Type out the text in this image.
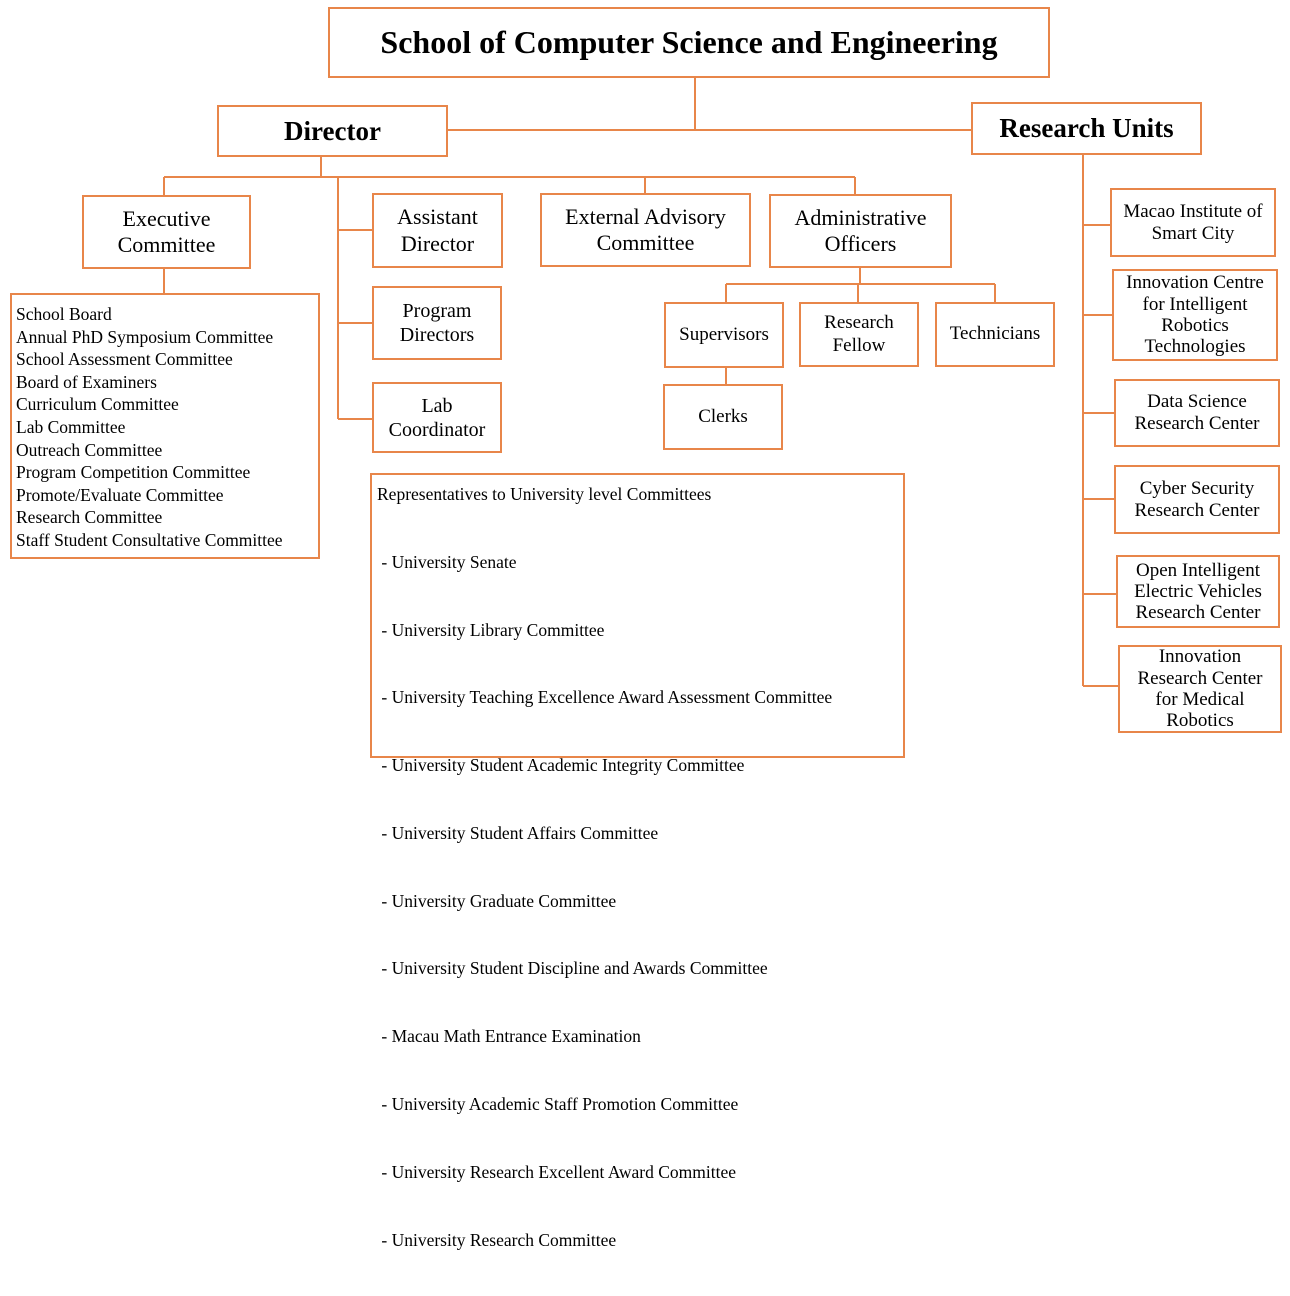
School of Computer Science and Engineering
Director	Research Units
Executive Committee
Assistant Director
Program Directors
Lab Coordinator
External Advisory Committee
Administrative Officers
Supervisors
Research Fellow
Technicians
Clerks
School Board
Annual PhD Symposium Committee
School Assessment Committee
Board of Examiners
Curriculum Committee
Lab Committee
Outreach Committee
Program Competition Committee
Promote/Evaluate Committee
Research Committee
Staff Student Consultative Committee
Representatives to University level Committees

- University Senate

- University Library Committee

- University Teaching Excellence Award Assessment Committee

- University Student Academic Integrity Committee

- University Student Affairs Committee

- University Graduate Committee

- University Student Discipline and Awards Committee

- Macau Math Entrance Examination

- University Academic Staff Promotion Committee

- University Research Excellent Award Committee

- University Research Committee

Macao Institute of Smart City
Innovation Centre for Intelligent Robotics Technologies
Data Science Research Center
Cyber Security Research Center
Open Intelligent Electric Vehicles Research Center
Innovation Research Center for Medical Robotics
